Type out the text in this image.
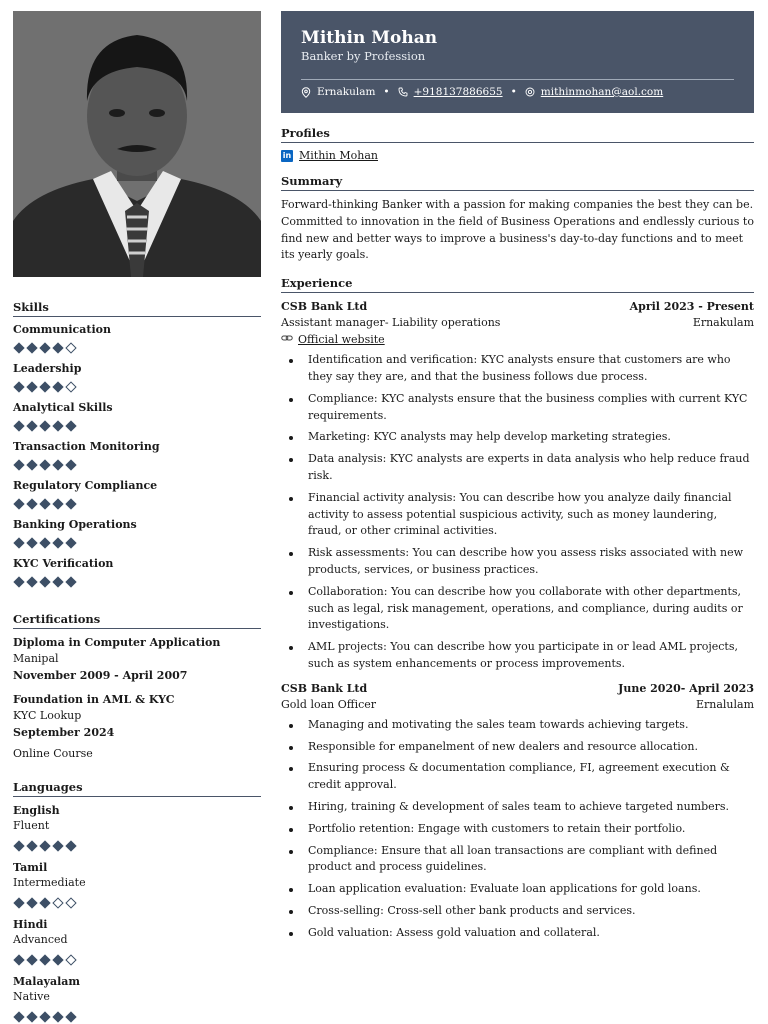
Skills
Communication
Leadership
Analytical Skills
Transaction Monitoring
Regulatory Compliance
Banking Operations
KYC Verification
Certifications
Diploma in Computer Application
Manipal
November 2009 - April 2007
Foundation in AML & KYC
KYC Lookup
September 2024
Online Course
Languages
English
Fluent
Tamil
Intermediate
Hindi
Advanced
Malayalam
Native
Mithin Mohan
Banker by Profession
Ernakulam • +918137886655 • mithinmohan@aol.com
Profiles
in Mithin Mohan
Summary
Forward-thinking Banker with a passion for making companies the best they can be. Committed to innovation in the field of Business Operations and endlessly curious to find new and better ways to improve a business's day-to-day functions and to meet its yearly goals.
Experience
CSB Bank Ltd	April 2023 - Present
Assistant manager- Liability operations	Ernakulam
Official website
Identification and verification: KYC analysts ensure that customers are who they say they are, and that the business follows due process.
Compliance: KYC analysts ensure that the business complies with current KYC requirements.
Marketing: KYC analysts may help develop marketing strategies.
Data analysis: KYC analysts are experts in data analysis who help reduce fraud risk.
Financial activity analysis: You can describe how you analyze daily financial activity to assess potential suspicious activity, such as money laundering, fraud, or other criminal activities.
Risk assessments: You can describe how you assess risks associated with new products, services, or business practices.
Collaboration: You can describe how you collaborate with other departments, such as legal, risk management, operations, and compliance, during audits or investigations.
AML projects: You can describe how you participate in or lead AML projects, such as system enhancements or process improvements.
CSB Bank Ltd	June 2020- April 2023
Gold loan Officer	Ernalulam
Managing and motivating the sales team towards achieving targets.
Responsible for empanelment of new dealers and resource allocation.
Ensuring process & documentation compliance, FI, agreement execution & credit approval.
Hiring, training & development of sales team to achieve targeted numbers.
Portfolio retention: Engage with customers to retain their portfolio.
Compliance: Ensure that all loan transactions are compliant with defined product and process guidelines.
Loan application evaluation: Evaluate loan applications for gold loans.
Cross-selling: Cross-sell other bank products and services.
Gold valuation: Assess gold valuation and collateral.
